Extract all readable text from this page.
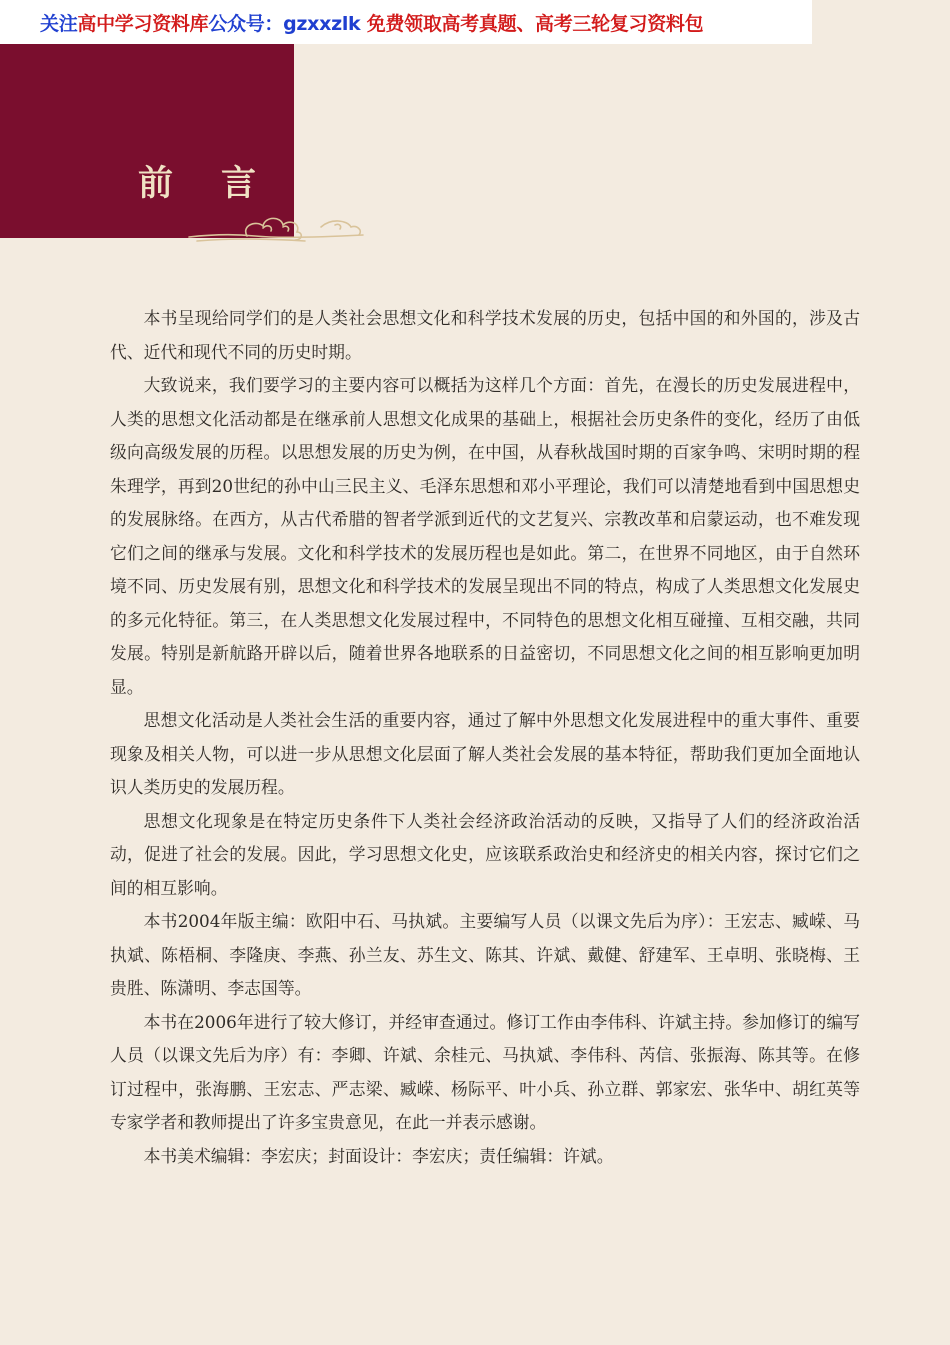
关注高中学习资料库公众号：gzxxzlk 免费领取高考真题、高考三轮复习资料包
前言

本书呈现给同学们的是人类社会思想文化和科学技术发展的历史，包括中国的和外国的，涉及古代、近代和现代不同的历史时期。

大致说来，我们要学习的主要内容可以概括为这样几个方面：首先，在漫长的历史发展进程中，人类的思想文化活动都是在继承前人思想文化成果的基础上，根据社会历史条件的变化，经历了由低级向高级发展的历程。以思想发展的历史为例，在中国，从春秋战国时期的百家争鸣、宋明时期的程朱理学，再到20世纪的孙中山三民主义、毛泽东思想和邓小平理论，我们可以清楚地看到中国思想史的发展脉络。在西方，从古代希腊的智者学派到近代的文艺复兴、宗教改革和启蒙运动，也不难发现它们之间的继承与发展。文化和科学技术的发展历程也是如此。第二，在世界不同地区，由于自然环境不同、历史发展有别，思想文化和科学技术的发展呈现出不同的特点，构成了人类思想文化发展史的多元化特征。第三，在人类思想文化发展过程中，不同特色的思想文化相互碰撞、互相交融，共同发展。特别是新航路开辟以后，随着世界各地联系的日益密切，不同思想文化之间的相互影响更加明显。

思想文化活动是人类社会生活的重要内容，通过了解中外思想文化发展进程中的重大事件、重要现象及相关人物，可以进一步从思想文化层面了解人类社会发展的基本特征，帮助我们更加全面地认识人类历史的发展历程。

思想文化现象是在特定历史条件下人类社会经济政治活动的反映，又指导了人们的经济政治活动，促进了社会的发展。因此，学习思想文化史，应该联系政治史和经济史的相关内容，探讨它们之间的相互影响。

本书2004年版主编：欧阳中石、马执斌。主要编写人员（以课文先后为序）：王宏志、臧嵘、马执斌、陈梧桐、李隆庚、李燕、孙兰友、苏生文、陈其、许斌、戴健、舒建军、王卓明、张晓梅、王贵胜、陈潇明、李志国等。

本书在2006年进行了较大修订，并经审查通过。修订工作由李伟科、许斌主持。参加修订的编写人员（以课文先后为序）有：李卿、许斌、余桂元、马执斌、李伟科、芮信、张振海、陈其等。在修订过程中，张海鹏、王宏志、严志梁、臧嵘、杨际平、叶小兵、孙立群、郭家宏、张华中、胡红英等专家学者和教师提出了许多宝贵意见，在此一并表示感谢。

本书美术编辑：李宏庆；封面设计：李宏庆；责任编辑：许斌。
